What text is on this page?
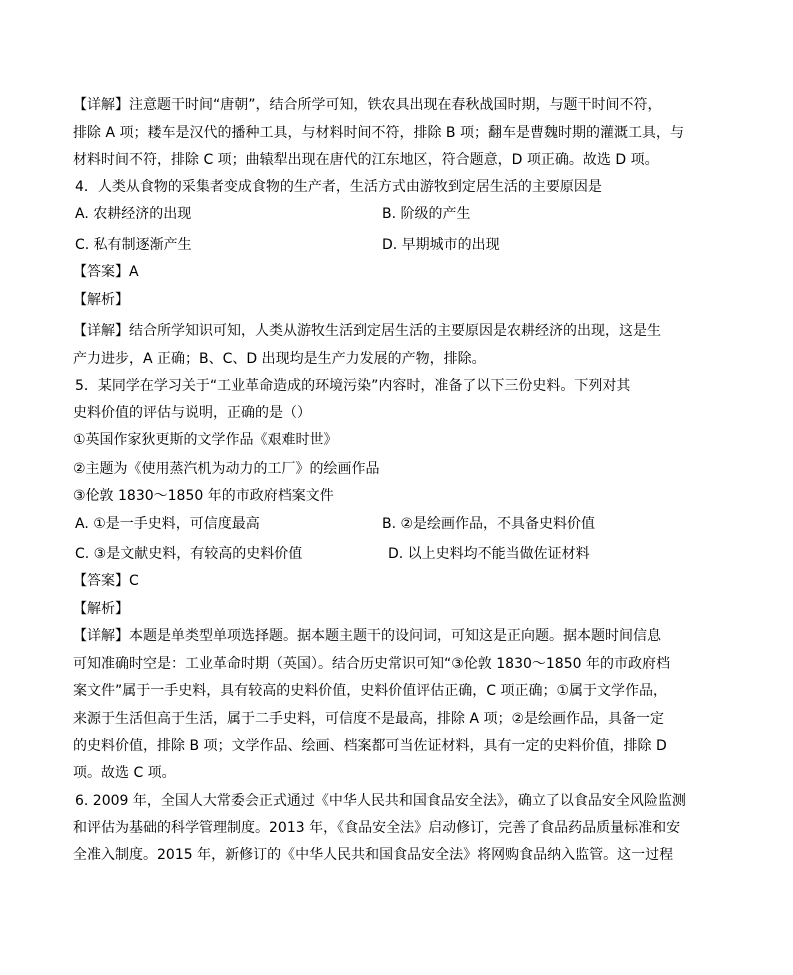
【详解】注意题干时间“唐朝”，结合所学可知，铁农具出现在春秋战国时期，与题干时间不符，
排除 A 项；耧车是汉代的播种工具，与材料时间不符，排除 B 项；翻车是曹魏时期的灌溉工具，与
材料时间不符，排除 C 项；曲辕犁出现在唐代的江东地区，符合题意，D 项正确。故选 D 项。
4．人类从食物的采集者变成食物的生产者，生活方式由游牧到定居生活的主要原因是
A. 农耕经济的出现	B. 阶级的产生
C. 私有制逐渐产生	D. 早期城市的出现
【答案】A
【解析】
【详解】结合所学知识可知，人类从游牧生活到定居生活的主要原因是农耕经济的出现，这是生
产力进步，A 正确；B、C、D 出现均是生产力发展的产物，排除。
5．某同学在学习关于“工业革命造成的环境污染”内容时，准备了以下三份史料。下列对其
史料价值的评估与说明，正确的是（）
①英国作家狄更斯的文学作品《艰难时世》
②主题为《使用蒸汽机为动力的工厂》的绘画作品
③伦敦 1830～1850 年的市政府档案文件
A. ①是一手史料，可信度最高	B. ②是绘画作品，不具备史料价值
C. ③是文献史料，有较高的史料价值	D. 以上史料均不能当做佐证材料
【答案】C
【解析】
【详解】本题是单类型单项选择题。据本题主题干的设问词，可知这是正向题。据本题时间信息
可知准确时空是：工业革命时期（英国）。结合历史常识可知“③伦敦 1830～1850 年的市政府档
案文件”属于一手史料，具有较高的史料价值，史料价值评估正确，C 项正确；①属于文学作品，
来源于生活但高于生活，属于二手史料，可信度不是最高，排除 A 项；②是绘画作品，具备一定
的史料价值，排除 B 项；文学作品、绘画、档案都可当佐证材料，具有一定的史料价值，排除 D
项。故选 C 项。
6. 2009 年，全国人大常委会正式通过《中华人民共和国食品安全法》，确立了以食品安全风险监测
和评估为基础的科学管理制度。2013 年，《食品安全法》启动修订，完善了食品药品质量标准和安
全准入制度。2015 年，新修订的《中华人民共和国食品安全法》将网购食品纳入监管。这一过程
